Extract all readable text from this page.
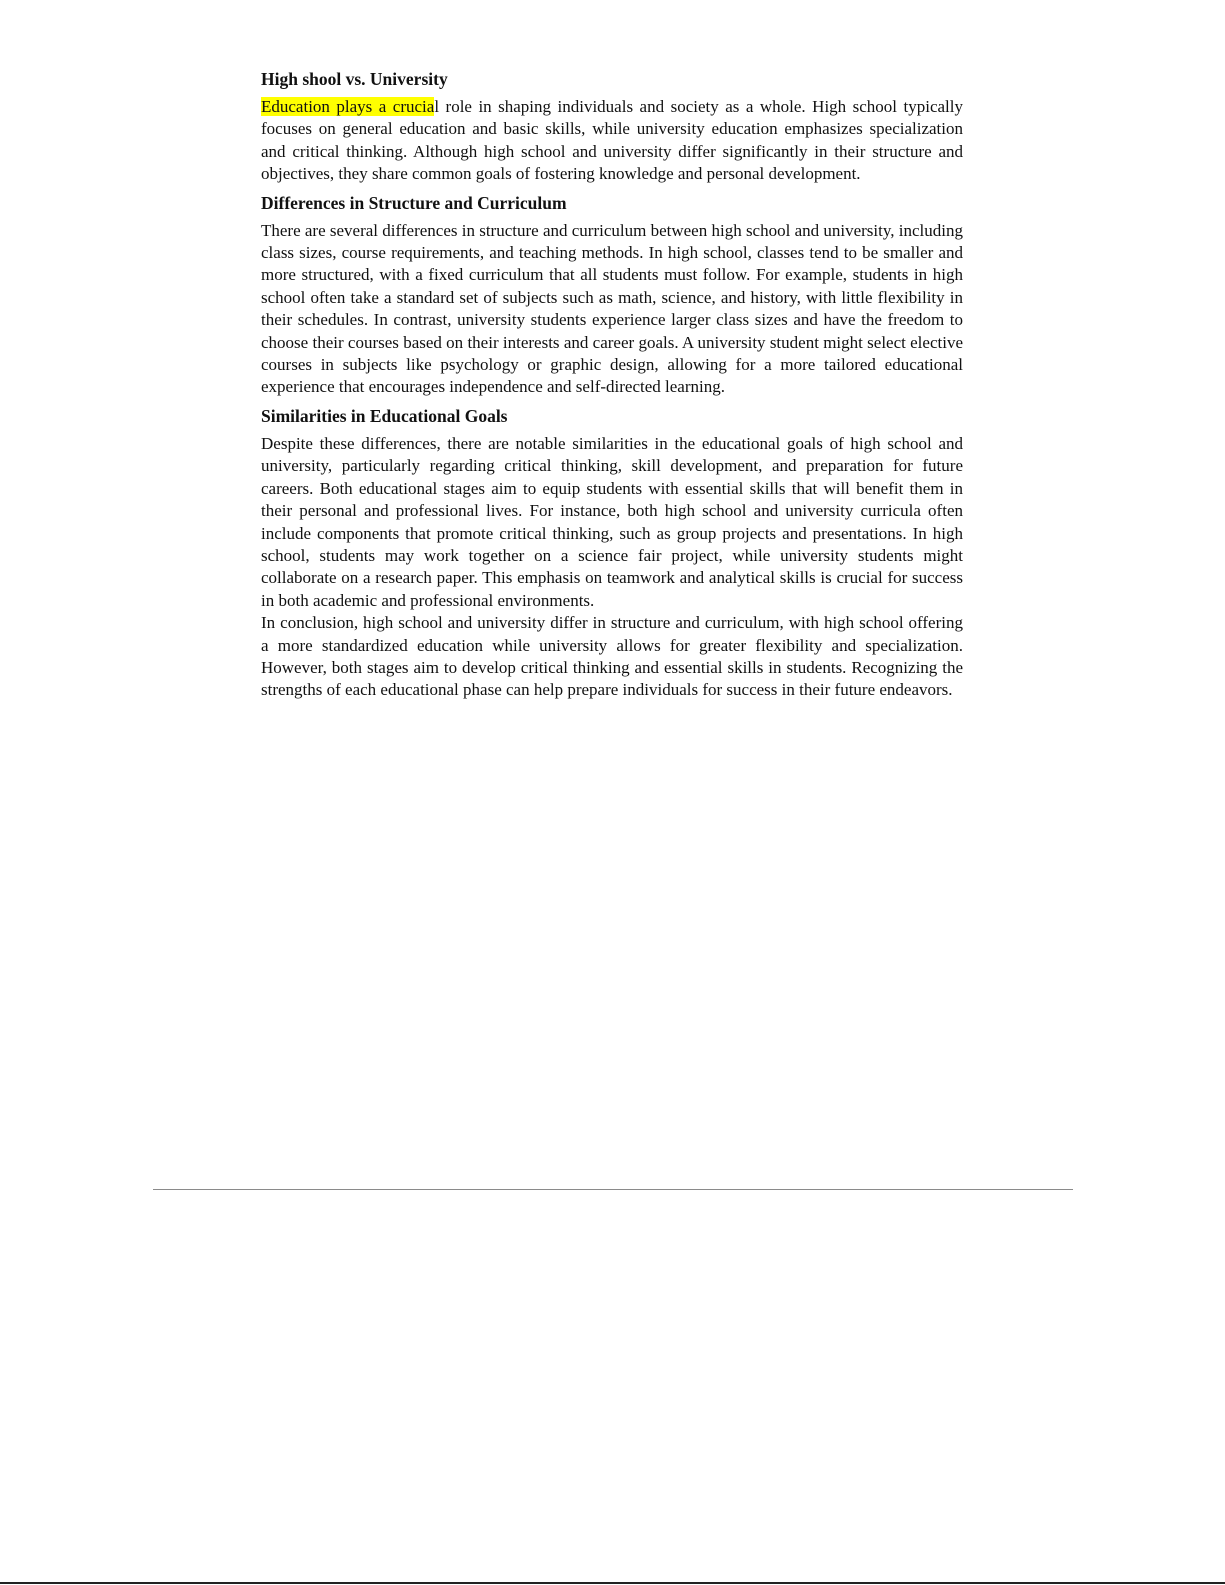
High shool vs. University

Education plays a crucial role in shaping individuals and society as a whole. High school typically focuses on general education and basic skills, while university education emphasizes specialization and critical thinking. Although high school and university differ significantly in their structure and objectives, they share common goals of fostering knowledge and personal development.

Differences in Structure and Curriculum

There are several differences in structure and curriculum between high school and university, including class sizes, course requirements, and teaching methods. In high school, classes tend to be smaller and more structured, with a fixed curriculum that all students must follow. For example, students in high school often take a standard set of subjects such as math, science, and history, with little flexibility in their schedules. In contrast, university students experience larger class sizes and have the freedom to choose their courses based on their interests and career goals. A university student might select elective courses in subjects like psychology or graphic design, allowing for a more tailored educational experience that encourages independence and self-directed learning.

Similarities in Educational Goals

Despite these differences, there are notable similarities in the educational goals of high school and university, particularly regarding critical thinking, skill development, and preparation for future careers. Both educational stages aim to equip students with essential skills that will benefit them in their personal and professional lives. For instance, both high school and university curricula often include components that promote critical thinking, such as group projects and presentations. In high school, students may work together on a science fair project, while university students might collaborate on a research paper. This emphasis on teamwork and analytical skills is crucial for success in both academic and professional environments.

In conclusion, high school and university differ in structure and curriculum, with high school offering a more standardized education while university allows for greater flexibility and specialization. However, both stages aim to develop critical thinking and essential skills in students. Recognizing the strengths of each educational phase can help prepare individuals for success in their future endeavors.
